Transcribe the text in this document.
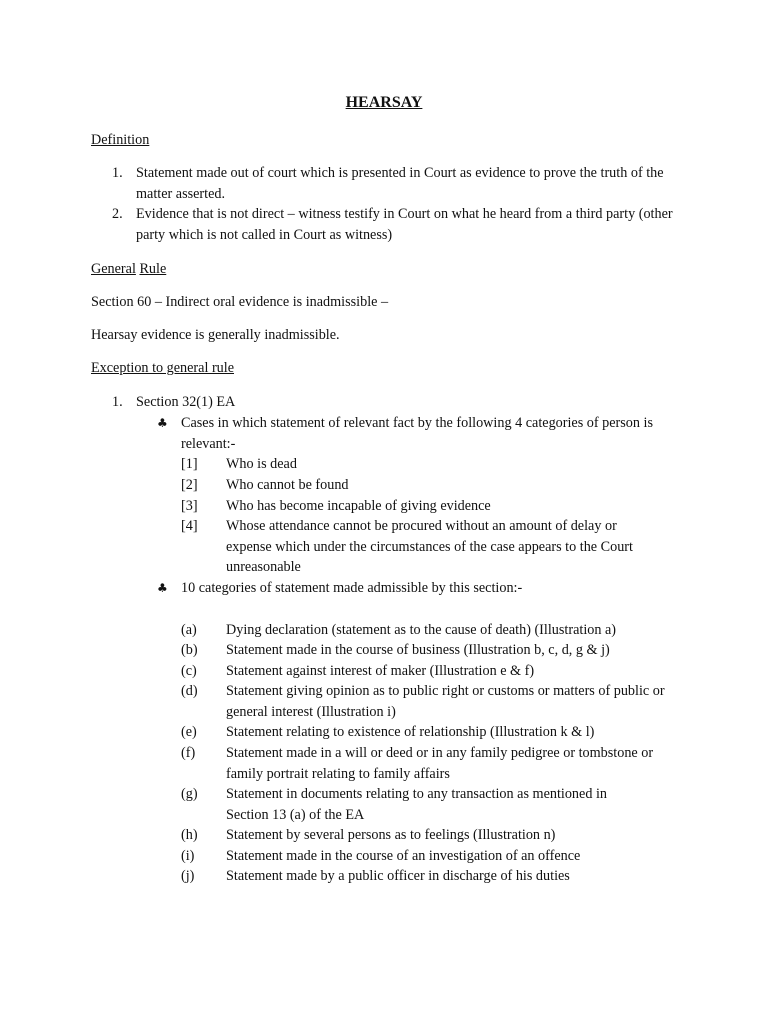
HEARSAY
Definition
1. Statement made out of court which is presented in Court as evidence to prove the truth of the matter asserted.
2. Evidence that is not direct – witness testify in Court on what he heard from a third party (other party which is not called in Court as witness)
General Rule
Section 60 – Indirect oral evidence is inadmissible –
Hearsay evidence is generally inadmissible.
Exception to general rule
1. Section 32(1) EA
♣ Cases in which statement of relevant fact by the following 4 categories of person is relevant:-
[1] Who is dead
[2] Who cannot be found
[3] Who has become incapable of giving evidence
[4] Whose attendance cannot be procured without an amount of delay or expense which under the circumstances of the case appears to the Court unreasonable
♣ 10 categories of statement made admissible by this section:-
(a) Dying declaration (statement as to the cause of death) (Illustration a)
(b) Statement made in the course of business (Illustration b, c, d, g & j)
(c) Statement against interest of maker (Illustration e & f)
(d) Statement giving opinion as to public right or customs or matters of public or general interest (Illustration i)
(e) Statement relating to existence of relationship (Illustration k & l)
(f) Statement made in a will or deed or in any family pedigree or tombstone or family portrait relating to family affairs
(g) Statement in documents relating to any transaction as mentioned in Section 13 (a) of the EA
(h) Statement by several persons as to feelings (Illustration n)
(i) Statement made in the course of an investigation of an offence
(j) Statement made by a public officer in discharge of his duties
